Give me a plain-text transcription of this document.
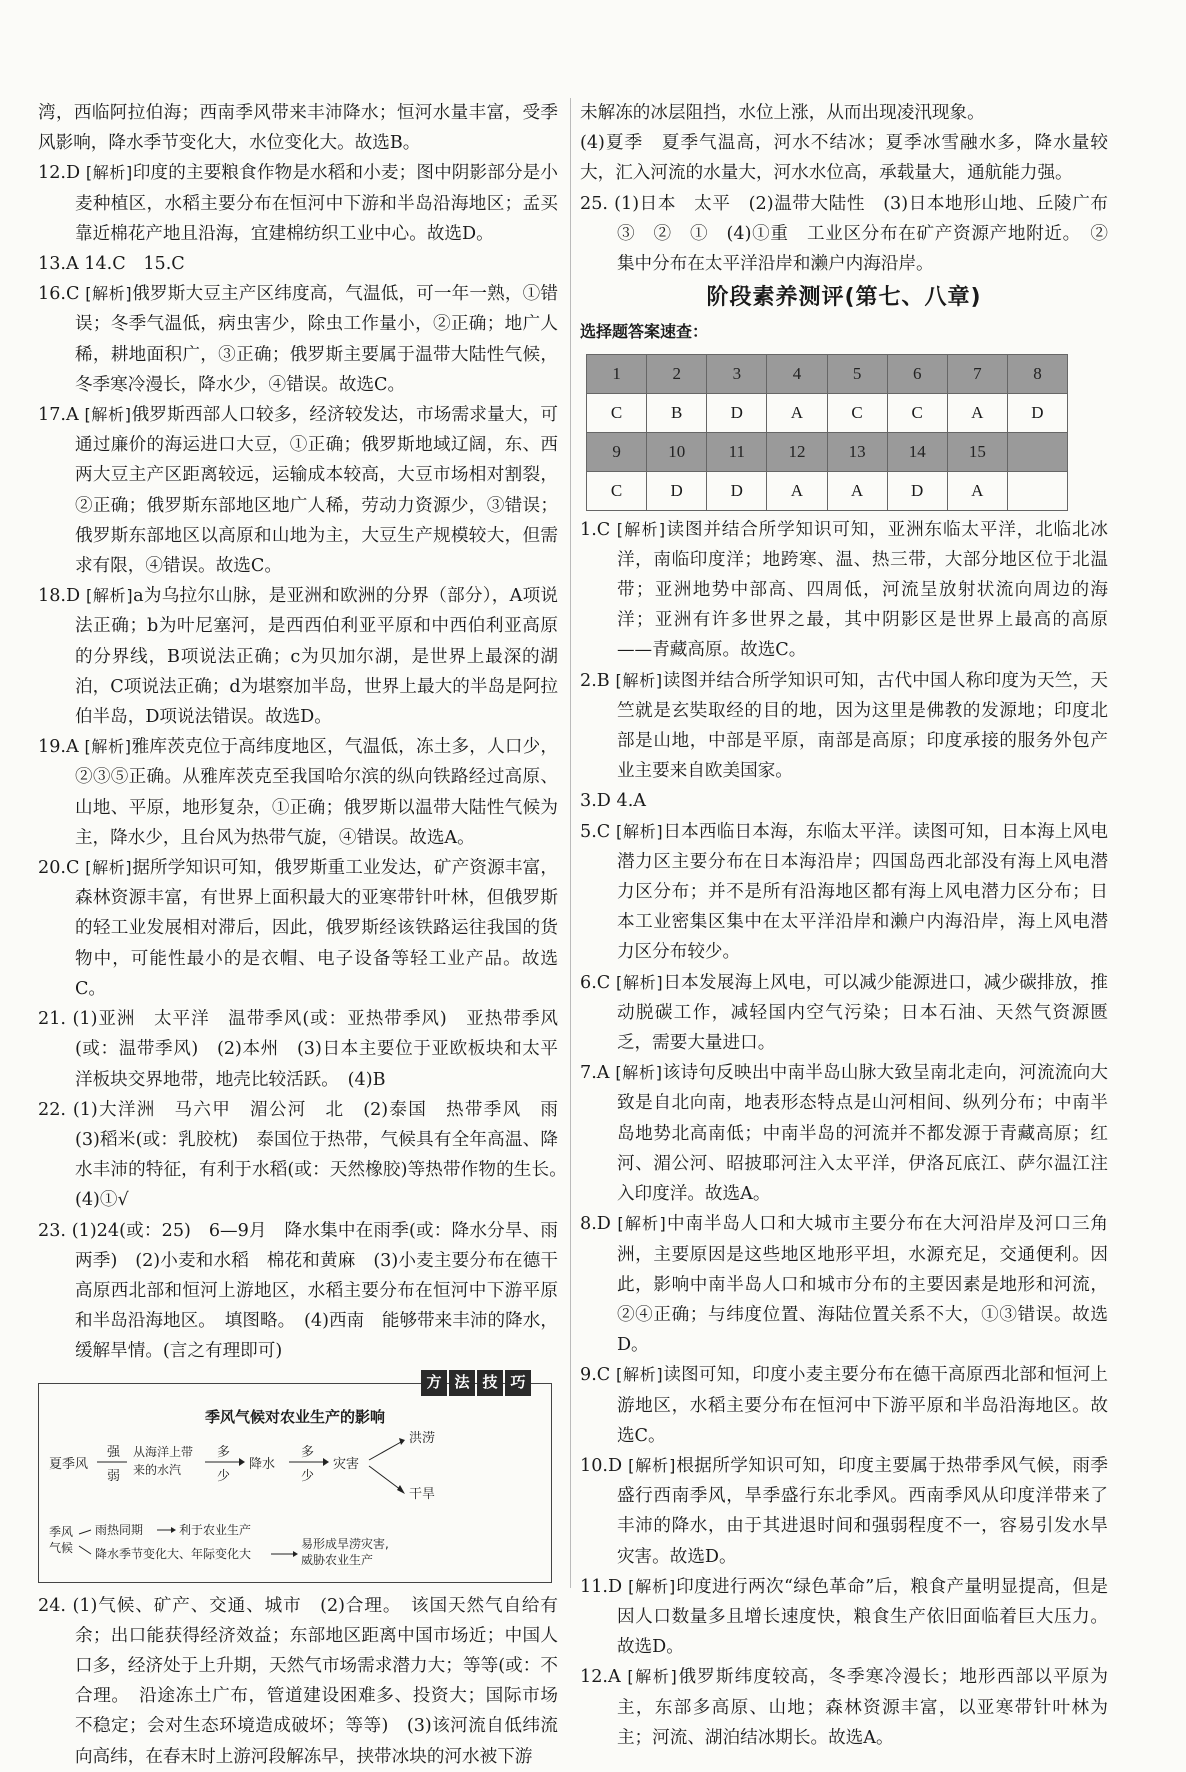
湾，西临阿拉伯海；西南季风带来丰沛降水；恒河水量丰富，受季风影响，降水季节变化大，水位变化大。故选B。

12.D [解析]印度的主要粮食作物是水稻和小麦；图中阴影部分是小麦种植区，水稻主要分布在恒河中下游和半岛沿海地区；孟买靠近棉花产地且沿海，宜建棉纺织工业中心。故选D。

13.A 14.C　15.C

16.C [解析]俄罗斯大豆主产区纬度高，气温低，可一年一熟，①错误；冬季气温低，病虫害少，除虫工作量小，②正确；地广人稀，耕地面积广，③正确；俄罗斯主要属于温带大陆性气候，冬季寒冷漫长，降水少，④错误。故选C。

17.A [解析]俄罗斯西部人口较多，经济较发达，市场需求量大，可通过廉价的海运进口大豆，①正确；俄罗斯地域辽阔，东、西两大豆主产区距离较远，运输成本较高，大豆市场相对割裂，②正确；俄罗斯东部地区地广人稀，劳动力资源少，③错误；俄罗斯东部地区以高原和山地为主，大豆生产规模较大，但需求有限，④错误。故选C。

18.D [解析]a为乌拉尔山脉，是亚洲和欧洲的分界（部分），A项说法正确；b为叶尼塞河，是西西伯利亚平原和中西伯利亚高原的分界线，B项说法正确；c为贝加尔湖，是世界上最深的湖泊，C项说法正确；d为堪察加半岛，世界上最大的半岛是阿拉伯半岛，D项说法错误。故选D。

19.A [解析]雅库茨克位于高纬度地区，气温低，冻土多，人口少，②③⑤正确。从雅库茨克至我国哈尔滨的纵向铁路经过高原、山地、平原，地形复杂，①正确；俄罗斯以温带大陆性气候为主，降水少，且台风为热带气旋，④错误。故选A。

20.C [解析]据所学知识可知，俄罗斯重工业发达，矿产资源丰富，森林资源丰富，有世界上面积最大的亚寒带针叶林，但俄罗斯的轻工业发展相对滞后，因此，俄罗斯经该铁路运往我国的货物中，可能性最小的是衣帽、电子设备等轻工业产品。故选C。

21. (1)亚洲　太平洋　温带季风(或：亚热带季风)　亚热带季风(或：温带季风)　(2)本州　(3)日本主要位于亚欧板块和太平洋板块交界地带，地壳比较活跃。　(4)B

22. (1)大洋洲　马六甲　湄公河　北　(2)泰国　热带季风　雨　(3)稻米(或：乳胶枕)　泰国位于热带，气候具有全年高温、降水丰沛的特征，有利于水稻(或：天然橡胶)等热带作物的生长。　(4)①√

23. (1)24(或：25)　6—9月　降水集中在雨季(或：降水分旱、雨两季)　(2)小麦和水稻　棉花和黄麻　(3)小麦主要分布在德干高原西北部和恒河上游地区，水稻主要分布在恒河中下游平原和半岛沿海地区。　填图略。　(4)西南　能够带来丰沛的降水，缓解旱情。(言之有理即可)

方 法 技 巧
季风气候对农业生产的影响
夏季风
强
弱
从海洋上带
来的水汽
多
少
降水
多
少
灾害
洪涝
干旱
季风
气候
雨热同期	利于农业生产
降水季节变化大、年际变化大
易形成旱涝灾害,
威胁农业生产

24. (1)气候、矿产、交通、城市　(2)合理。　该国天然气自给有余；出口能获得经济效益；东部地区距离中国市场近；中国人口多，经济处于上升期，天然气市场需求潜力大；等等(或：不合理。　沿途冻土广布，管道建设困难多、投资大；国际市场不稳定；会对生态环境造成破坏；等等)　(3)该河流自低纬流向高纬，在春末时上游河段解冻早，挟带冰块的河水被下游

未解冻的冰层阻挡，水位上涨，从而出现凌汛现象。

(4)夏季　夏季气温高，河水不结冰；夏季冰雪融水多，降水量较大，汇入河流的水量大，河水水位高，承载量大，通航能力强。

25. (1)日本　太平　(2)温带大陆性　(3)日本地形山地、丘陵广布　③　②　①　(4)①重　工业区分布在矿产资源产地附近。　②集中分布在太平洋沿岸和濑户内海沿岸。

阶段素养测评(第七、八章)
选择题答案速查：
1	2	3	4	5	6	7	8
C	B	D	A	C	C	A	D
9	10	11	12	13	14	15	
C	D	D	A	A	D	A	

1.C [解析]读图并结合所学知识可知，亚洲东临太平洋，北临北冰洋，南临印度洋；地跨寒、温、热三带，大部分地区位于北温带；亚洲地势中部高、四周低，河流呈放射状流向周边的海洋；亚洲有许多世界之最，其中阴影区是世界上最高的高原——青藏高原。故选C。

2.B [解析]读图并结合所学知识可知，古代中国人称印度为天竺，天竺就是玄奘取经的目的地，因为这里是佛教的发源地；印度北部是山地，中部是平原，南部是高原；印度承接的服务外包产业主要来自欧美国家。

3.D 4.A

5.C [解析]日本西临日本海，东临太平洋。读图可知，日本海上风电潜力区主要分布在日本海沿岸；四国岛西北部没有海上风电潜力区分布；并不是所有沿海地区都有海上风电潜力区分布；日本工业密集区集中在太平洋沿岸和濑户内海沿岸，海上风电潜力区分布较少。

6.C [解析]日本发展海上风电，可以减少能源进口，减少碳排放，推动脱碳工作，减轻国内空气污染；日本石油、天然气资源匮乏，需要大量进口。

7.A [解析]该诗句反映出中南半岛山脉大致呈南北走向，河流流向大致是自北向南，地表形态特点是山河相间、纵列分布；中南半岛地势北高南低；中南半岛的河流并不都发源于青藏高原；红河、湄公河、昭披耶河注入太平洋，伊洛瓦底江、萨尔温江注入印度洋。故选A。

8.D [解析]中南半岛人口和大城市主要分布在大河沿岸及河口三角洲，主要原因是这些地区地形平坦，水源充足，交通便利。因此，影响中南半岛人口和城市分布的主要因素是地形和河流，②④正确；与纬度位置、海陆位置关系不大，①③错误。故选D。

9.C [解析]读图可知，印度小麦主要分布在德干高原西北部和恒河上游地区，水稻主要分布在恒河中下游平原和半岛沿海地区。故选C。

10.D [解析]根据所学知识可知，印度主要属于热带季风气候，雨季盛行西南季风，旱季盛行东北季风。西南季风从印度洋带来了丰沛的降水，由于其进退时间和强弱程度不一，容易引发水旱灾害。故选D。

11.D [解析]印度进行两次“绿色革命”后，粮食产量明显提高，但是因人口数量多且增长速度快，粮食生产依旧面临着巨大压力。故选D。

12.A [解析]俄罗斯纬度较高，冬季寒冷漫长；地形西部以平原为主，东部多高原、山地；森林资源丰富，以亚寒带针叶林为主；河流、湖泊结冰期长。故选A。
